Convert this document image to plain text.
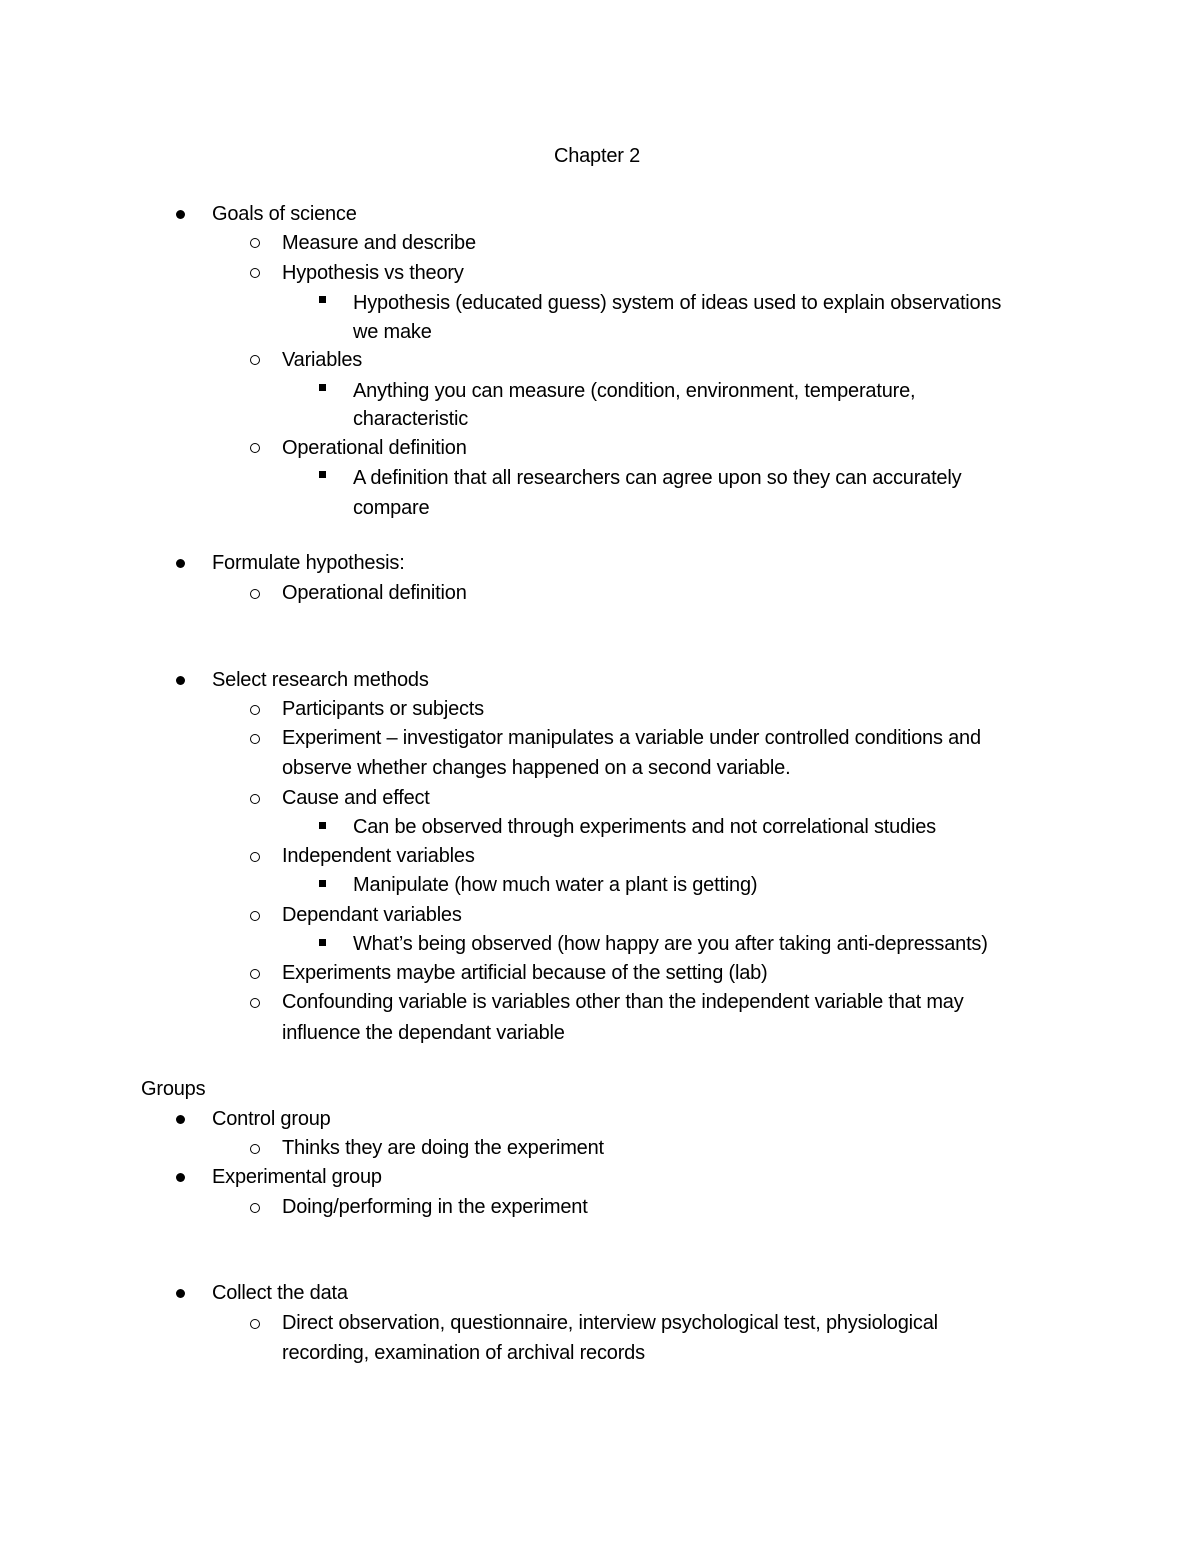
Chapter 2
Goals of science
Measure and describe
Hypothesis vs theory
Hypothesis (educated guess) system of ideas used to explain observations
we make
Variables
Anything you can measure (condition, environment, temperature,
characteristic
Operational definition
A definition that all researchers can agree upon so they can accurately
compare
Formulate hypothesis:
Operational definition
Select research methods
Participants or subjects
Experiment – investigator manipulates a variable under controlled conditions and
observe whether changes happened on a second variable.
Cause and effect
Can be observed through experiments and not correlational studies
Independent variables
Manipulate (how much water a plant is getting)
Dependant variables
What’s being observed (how happy are you after taking anti-depressants)
Experiments maybe artificial because of the setting (lab)
Confounding variable is variables other than the independent variable that may
influence the dependant variable
Groups
Control group
Thinks they are doing the experiment
Experimental group
Doing/performing in the experiment
Collect the data
Direct observation, questionnaire, interview psychological test, physiological
recording, examination of archival records
